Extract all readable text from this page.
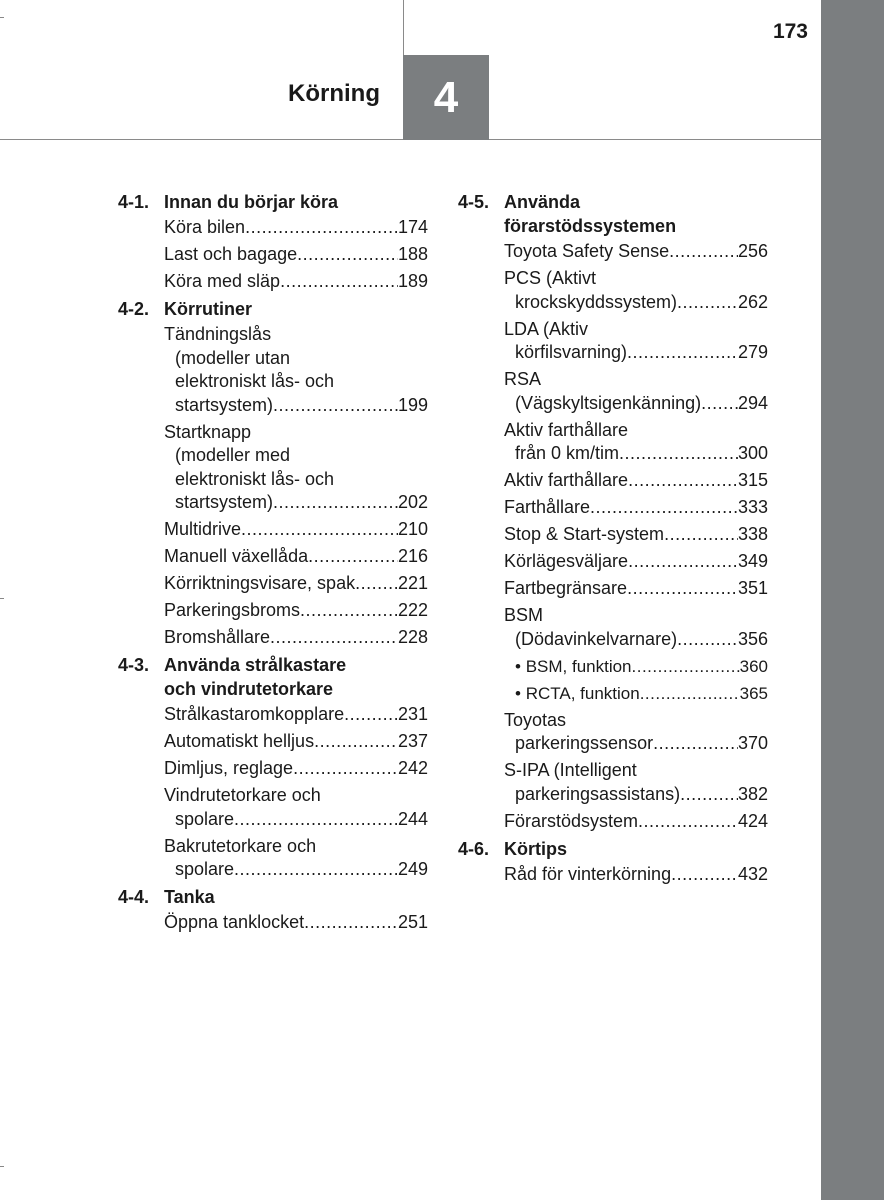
Körning 4
173
4-1. Innan du börjar köra
Köra bilen .....	174
Last och bagage .....	188
Köra med släp .....	189
4-2. Körrutiner
Tändningslås
(modeller utan
elektroniskt lås- och
startsystem) .....	199
Startknapp
(modeller med
elektroniskt lås- och
startsystem) .....	202
Multidrive .....	210
Manuell växellåda .....	216
Körriktningsvisare, spak ..... 221
Parkeringsbroms .....	222
Bromshållare .....	228
4-3. Använda strålkastare
och vindrutetorkare
Strålkastaromkopplare .....	231
Automatiskt helljus .....	237
Dimljus, reglage .....	242
Vindrutetorkare och
spolare .....	244
Bakrutetorkare och
spolare .....	249
4-4. Tanka
Öppna tanklocket .....	251
4-5. Använda
förarstödssystemen
Toyota Safety Sense .....	256
PCS (Aktivt
krockskyddssystem) .....	262
LDA (Aktiv
körfilsvarning) .....	279
RSA
(Vägskyltsigenkänning) ..... 294
Aktiv farthållare
från 0 km/tim .....	300
Aktiv farthållare .....	315
Farthållare .....	333
Stop & Start-system .....	338
Körlägesväljare .....	349
Fartbegränsare .....	351
BSM
(Dödavinkelvarnare) .....	356
• BSM, funktion .....	360
• RCTA, funktion .....	365
Toyotas
parkeringssensor .....	370
S-IPA (Intelligent
parkeringsassistans) .....	382
Förarstödsystem .....	424
4-6. Körtips
Råd för vinterkörning .....	432
